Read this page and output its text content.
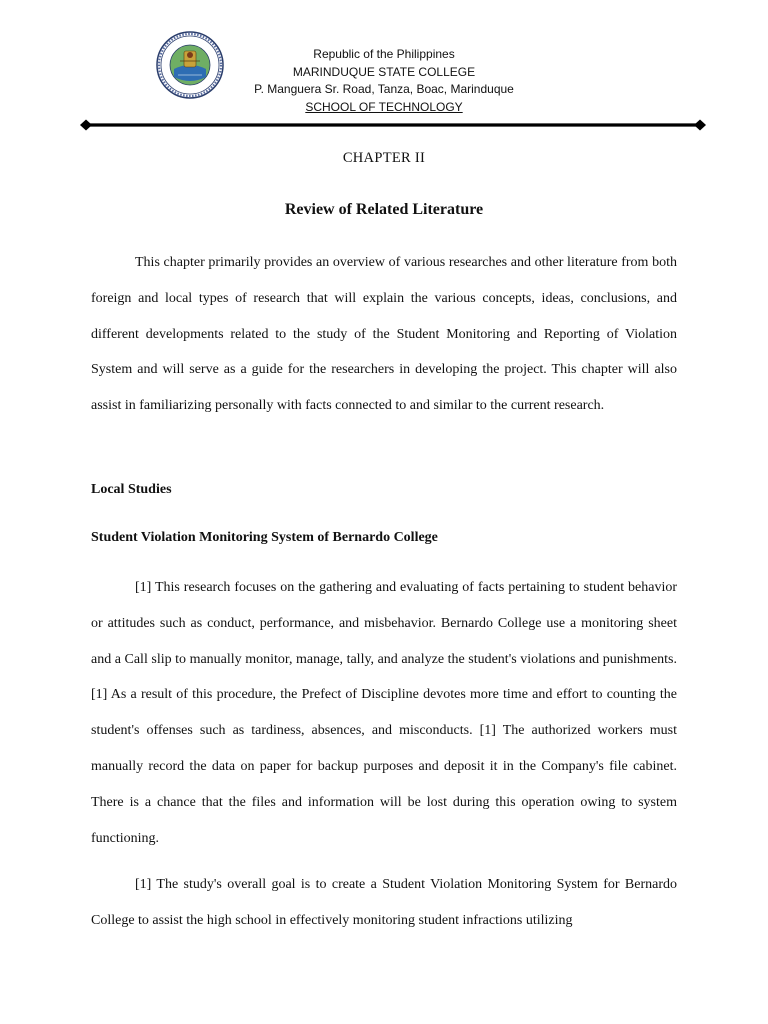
Republic of the Philippines
MARINDUQUE STATE COLLEGE
P. Manguera Sr. Road, Tanza, Boac, Marinduque
SCHOOL OF TECHNOLOGY
CHAPTER II
Review of Related Literature

This chapter primarily provides an overview of various researches and other literature from both foreign and local types of research that will explain the various concepts, ideas, conclusions, and different developments related to the study of the Student Monitoring and Reporting of Violation System and will serve as a guide for the researchers in developing the project. This chapter will also assist in familiarizing personally with facts connected to and similar to the current research.

Local Studies
Student Violation Monitoring System of Bernardo College

[1] This research focuses on the gathering and evaluating of facts pertaining to student behavior or attitudes such as conduct, performance, and misbehavior. Bernardo College use a monitoring sheet and a Call slip to manually monitor, manage, tally, and analyze the student's violations and punishments. [1] As a result of this procedure, the Prefect of Discipline devotes more time and effort to counting the student's offenses such as tardiness, absences, and misconducts. [1] The authorized workers must manually record the data on paper for backup purposes and deposit it in the Company's file cabinet. There is a chance that the files and information will be lost during this operation owing to system functioning.

[1] The study's overall goal is to create a Student Violation Monitoring System for Bernardo College to assist the high school in effectively monitoring student infractions utilizing
